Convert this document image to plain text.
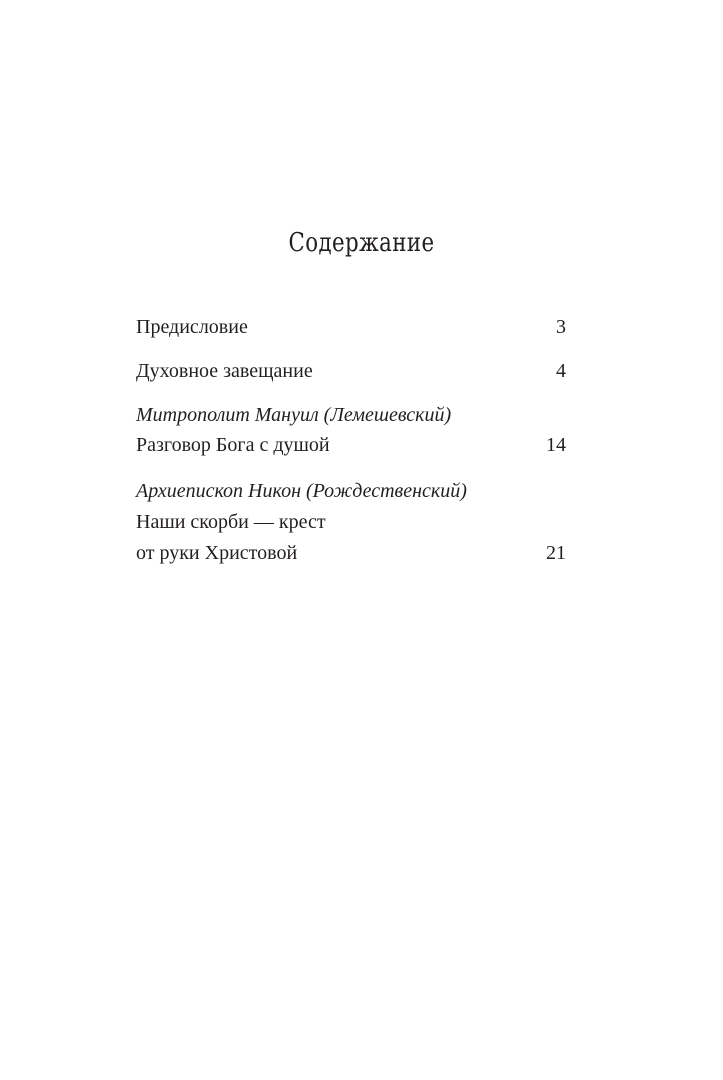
Содержание
Предисловие	3
Духовное завещание	4
Митрополит Мануил (Лемешевский)
Разговор Бога с душой	14
Архиепископ Никон (Рождественский)
Наши скорби — крест
от руки Христовой	21
